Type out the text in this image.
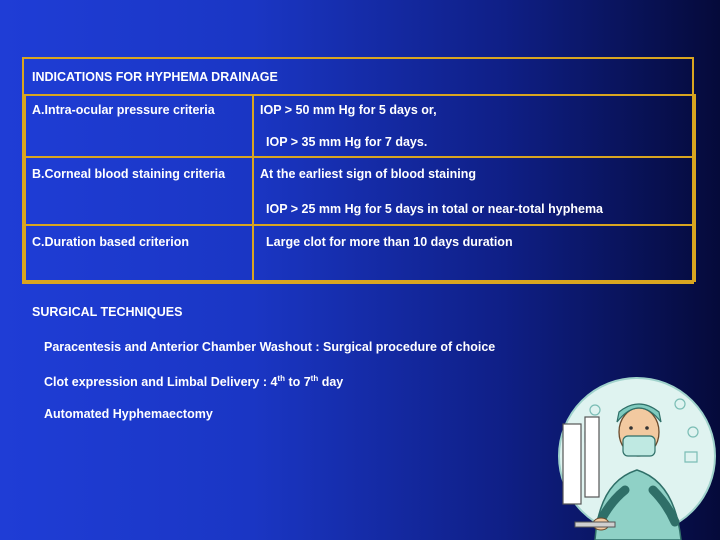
INDICATIONS FOR HYPHEMA DRAINAGE
A.Intra-ocular pressure criteria	IOP > 50 mm Hg for 5 days or,
IOP > 35 mm Hg for 7 days.

B.Corneal blood staining criteria	At the earliest sign of blood staining
IOP > 25 mm Hg for 5 days in total or near-total hyphema

C.Duration based criterion	Large clot for more than 10 days duration
SURGICAL TECHNIQUES
Paracentesis and Anterior Chamber Washout : Surgical procedure of choice
Clot expression and Limbal Delivery : 4th to 7th day
Automated Hyphemaectomy
